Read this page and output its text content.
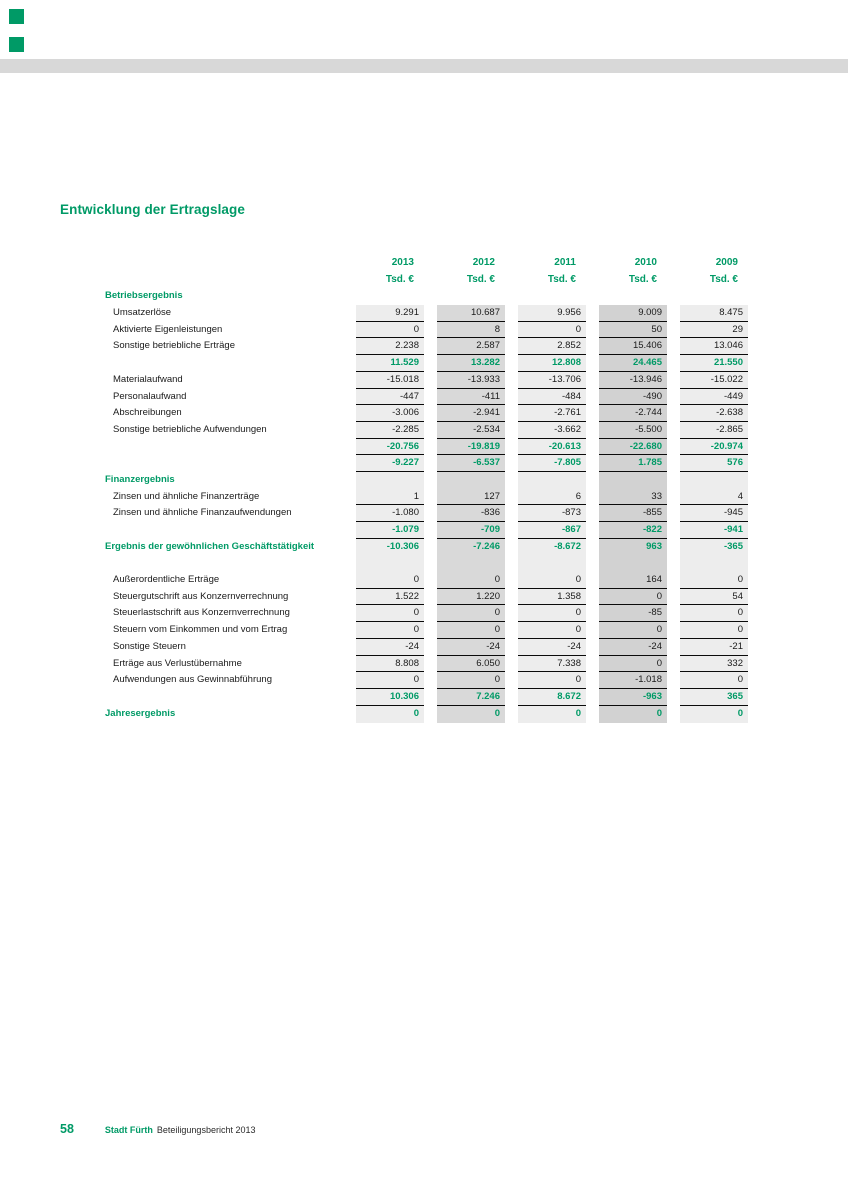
Entwicklung der Ertragslage
2013	2012	2011	2010	2009
Tsd. €	Tsd. €	Tsd. €	Tsd. €	Tsd. €
Betriebsergebnis
Umsatzerlöse	9.291	10.687	9.956	9.009	8.475
Aktivierte Eigenleistungen	0	8	0	50	29
Sonstige betriebliche Erträge	2.238	2.587	2.852	15.406	13.046
11.529	13.282	12.808	24.465	21.550
Materialaufwand	-15.018	-13.933	-13.706	-13.946	-15.022
Personalaufwand	-447	-411	-484	-490	-449
Abschreibungen	-3.006	-2.941	-2.761	-2.744	-2.638
Sonstige betriebliche Aufwendungen	-2.285	-2.534	-3.662	-5.500	-2.865
-20.756	-19.819	-20.613	-22.680	-20.974
-9.227	-6.537	-7.805	1.785	576
Finanzergebnis
Zinsen und ähnliche Finanzerträge	1	127	6	33	4
Zinsen und ähnliche Finanzaufwendungen	-1.080	-836	-873	-855	-945
-1.079	-709	-867	-822	-941
Ergebnis der gewöhnlichen Geschäftstätigkeit	-10.306	-7.246	-8.672	963	-365
Außerordentliche Erträge	0	0	0	164	0
Steuergutschrift aus Konzernverrechnung	1.522	1.220	1.358	0	54
Steuerlastschrift aus Konzernverrechnung	0	0	0	-85	0
Steuern vom Einkommen und vom Ertrag	0	0	0	0	0
Sonstige Steuern	-24	-24	-24	-24	-21
Erträge aus Verlustübernahme	8.808	6.050	7.338	0	332
Aufwendungen aus Gewinnabführung	0	0	0	-1.018	0
10.306	7.246	8.672	-963	365
Jahresergebnis	0	0	0	0	0
58	Stadt Fürth Beteiligungsbericht 2013
